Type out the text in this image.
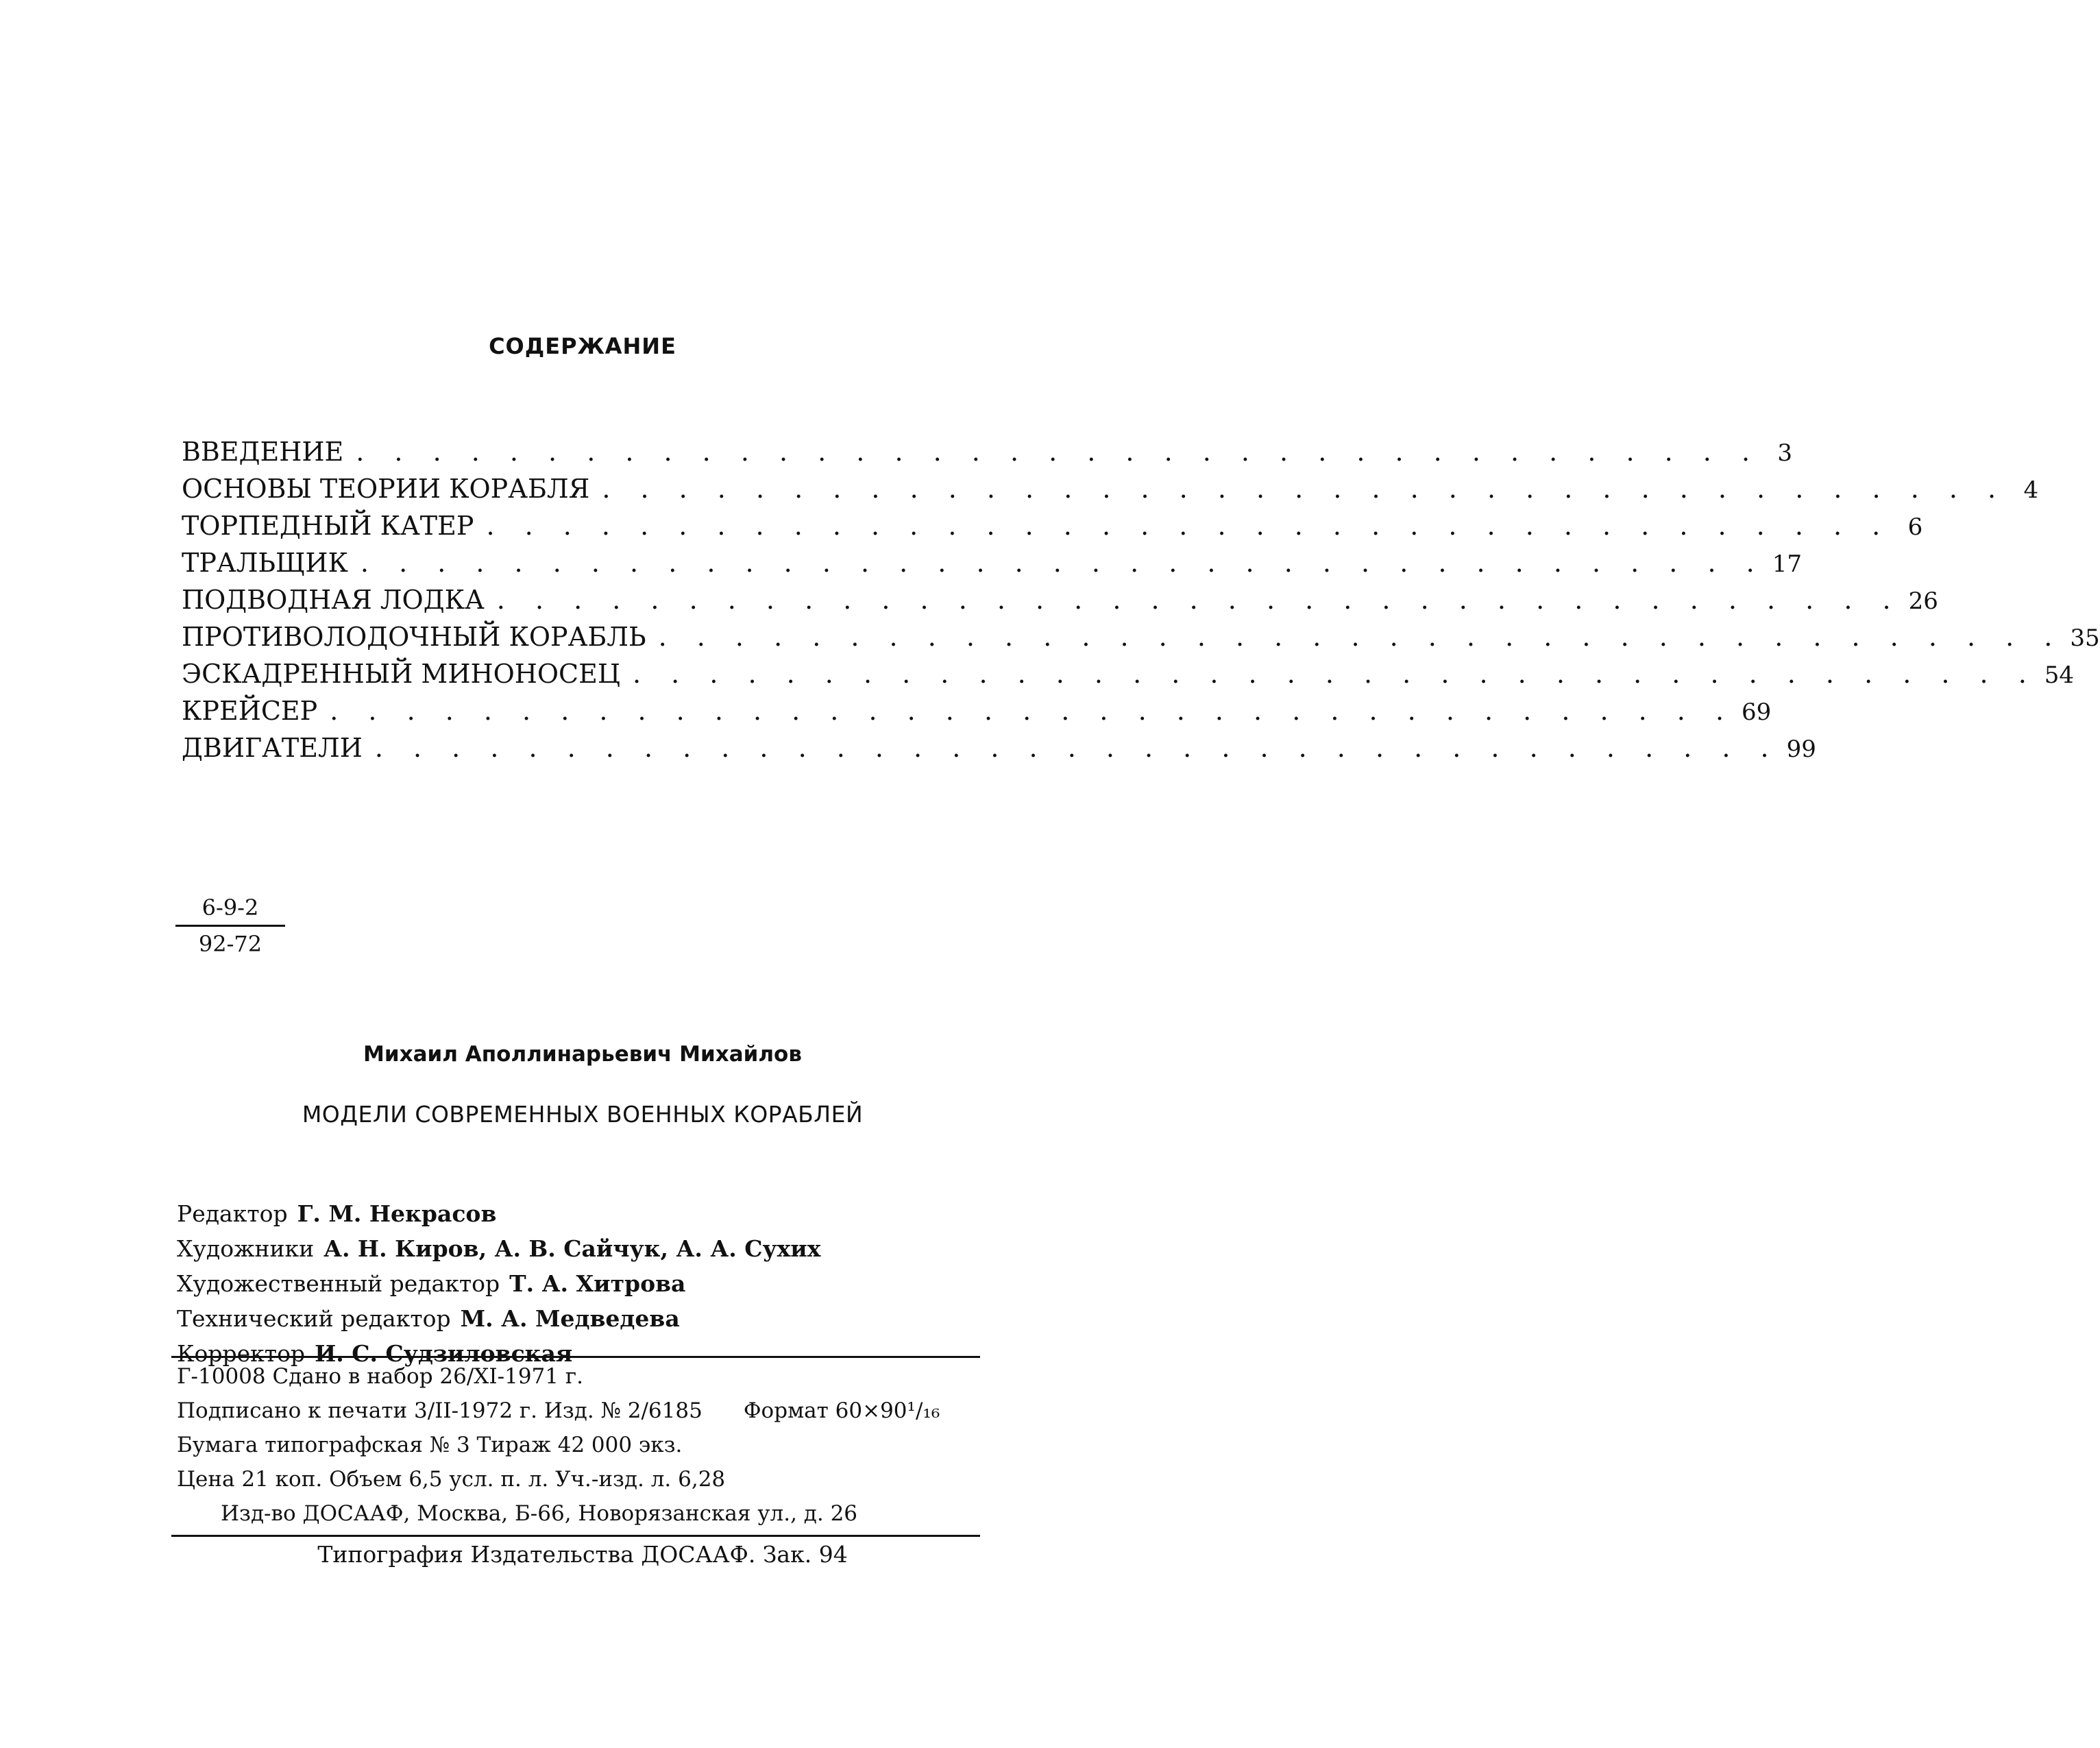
СОДЕРЖАНИЕ
ВВЕДЕНИЕ . . . . . . . . . . . . . . . . . . . . . . . . . . . . . . . . . . . . . 3
ОСНОВЫ ТЕОРИИ КОРАБЛЯ . . . . . . . . . . . . . . . . . . . . . . . . . . . . . . . . . . . . . 4
ТОРПЕДНЫЙ КАТЕР . . . . . . . . . . . . . . . . . . . . . . . . . . . . . . . . . . . . . 6
ТРАЛЬЩИК . . . . . . . . . . . . . . . . . . . . . . . . . . . . . . . . . . . . . 17
ПОДВОДНАЯ ЛОДКА . . . . . . . . . . . . . . . . . . . . . . . . . . . . . . . . . . . . . 26
ПРОТИВОЛОДОЧНЫЙ КОРАБЛЬ . . . . . . . . . . . . . . . . . . . . . . . . . . . . . . . . . . . . . 35
ЭСКАДРЕННЫЙ МИНОНОСЕЦ . . . . . . . . . . . . . . . . . . . . . . . . . . . . . . . . . . . . . 54
КРЕЙСЕР . . . . . . . . . . . . . . . . . . . . . . . . . . . . . . . . . . . . . 69
ДВИГАТЕЛИ . . . . . . . . . . . . . . . . . . . . . . . . . . . . . . . . . . . . . 99
$\frac{6-9-2}{92-72}$
Михаил Аполлинарьевич Михайлов
МОДЕЛИ СОВРЕМЕННЫХ ВОЕННЫХ КОРАБЛЕЙ
Редактор Г. М. Некрасов
Художники А. Н. Киров, А. В. Сайчук, А. А. Сухих
Художественный редактор Т. А. Хитрова
Технический редактор М. А. Медведева
Корректор И. С. Судзиловская
Г-10008 Сдано в набор 26/XI-1971 г.
Подписано к печати 3/II-1972 г. Изд. № 2/6185 Формат 60×90¹/₁₆
Бумага типографская № 3 Тираж 42 000 экз.
Цена 21 коп. Объем 6,5 усл. п. л. Уч.-изд. л. 6,28
Изд-во ДОСААФ, Москва, Б-66, Новорязанская ул., д. 26
Типография Издательства ДОСААФ. Зак. 94
